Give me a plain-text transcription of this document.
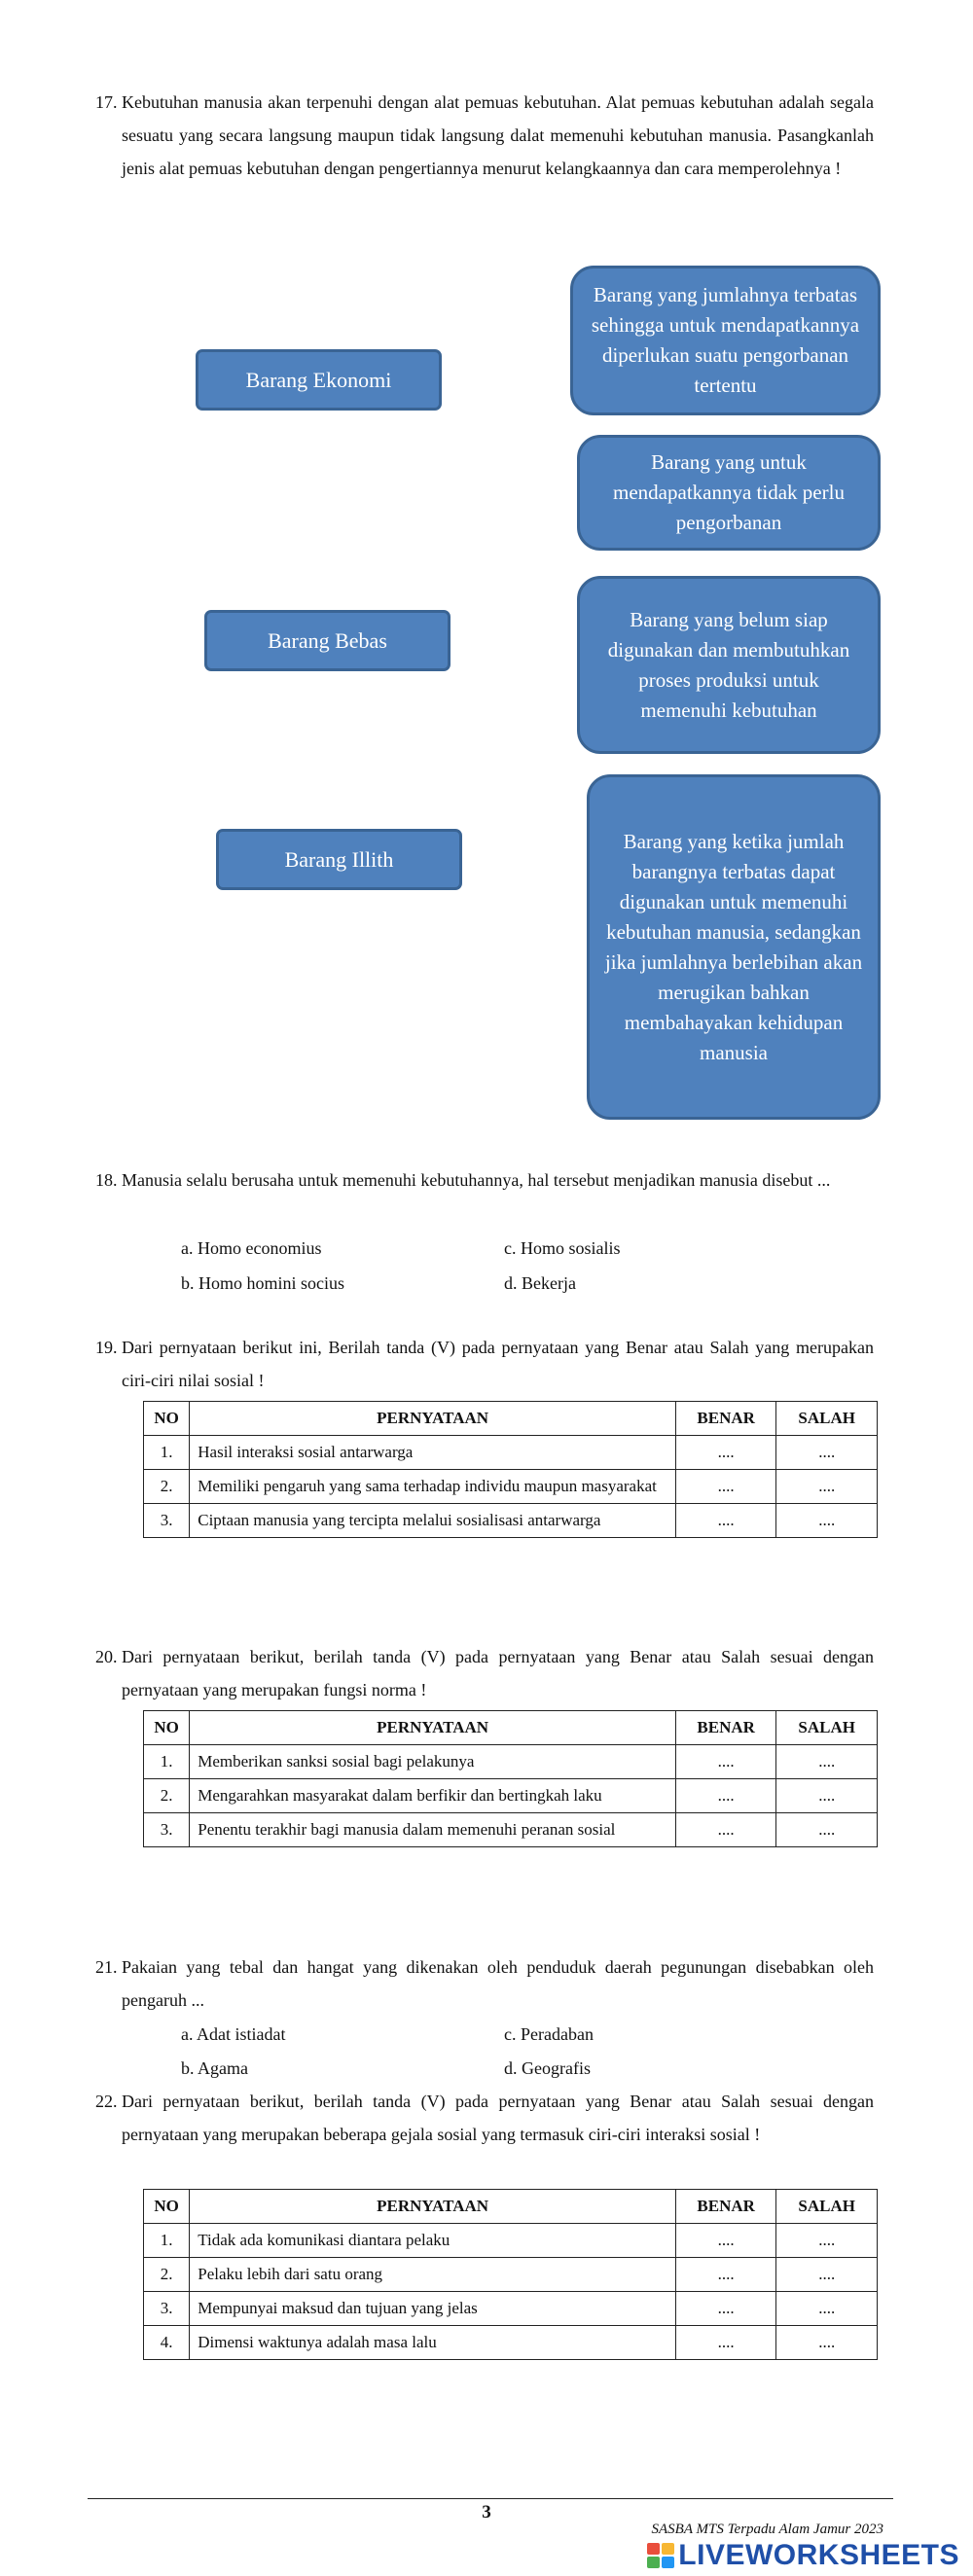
17. Kebutuhan manusia akan terpenuhi dengan alat pemuas kebutuhan. Alat pemuas kebutuhan adalah segala sesuatu yang secara langsung maupun tidak langsung dalat memenuhi kebutuhan manusia. Pasangkanlah jenis alat pemuas kebutuhan dengan pengertiannya menurut kelangkaannya dan cara memperolehnya !
Barang Ekonomi
Barang Bebas
Barang Illith
Barang yang jumlahnya terbatas sehingga untuk mendapatkannya diperlukan suatu pengorbanan tertentu
Barang yang untuk mendapatkannya tidak perlu pengorbanan
Barang yang belum siap digunakan dan membutuhkan proses produksi untuk memenuhi kebutuhan
Barang yang ketika jumlah barangnya terbatas dapat digunakan untuk memenuhi kebutuhan manusia, sedangkan jika jumlahnya berlebihan akan merugikan bahkan membahayakan kehidupan manusia
18. Manusia selalu berusaha untuk memenuhi kebutuhannya, hal tersebut menjadikan manusia disebut ...
a. Homo economius	c. Homo sosialis
b. Homo homini socius	d. Bekerja
19. Dari pernyataan berikut ini, Berilah tanda (V) pada pernyataan yang Benar atau Salah yang merupakan ciri-ciri nilai sosial !
NO	PERNYATAAN	BENAR	SALAH
1.	Hasil interaksi sosial antarwarga	....	....
2.	Memiliki pengaruh yang sama terhadap individu maupun masyarakat	....	....
3.	Ciptaan manusia yang tercipta melalui sosialisasi antarwarga	....	....
20. Dari pernyataan berikut, berilah tanda (V) pada pernyataan yang Benar atau Salah sesuai dengan pernyataan yang merupakan fungsi norma !
NO	PERNYATAAN	BENAR	SALAH
1.	Memberikan sanksi sosial bagi pelakunya	....	....
2.	Mengarahkan masyarakat dalam berfikir dan bertingkah laku	....	....
3.	Penentu terakhir bagi manusia dalam memenuhi peranan sosial	....	....
21. Pakaian yang tebal dan hangat yang dikenakan oleh penduduk daerah pegunungan disebabkan oleh pengaruh ...
a. Adat istiadat	c. Peradaban
b. Agama	d. Geografis
22. Dari pernyataan berikut, berilah tanda (V) pada pernyataan yang Benar atau Salah sesuai dengan pernyataan yang merupakan beberapa gejala sosial yang termasuk ciri-ciri interaksi sosial !
NO	PERNYATAAN	BENAR	SALAH
1.	Tidak ada komunikasi diantara pelaku	....	....
2.	Pelaku lebih dari satu orang	....	....
3.	Mempunyai maksud dan tujuan yang jelas	....	....
4.	Dimensi waktunya adalah masa lalu	....	....
3
SASBA MTS Terpadu Alam Jamur 2023
LIVEWORKSHEETS
